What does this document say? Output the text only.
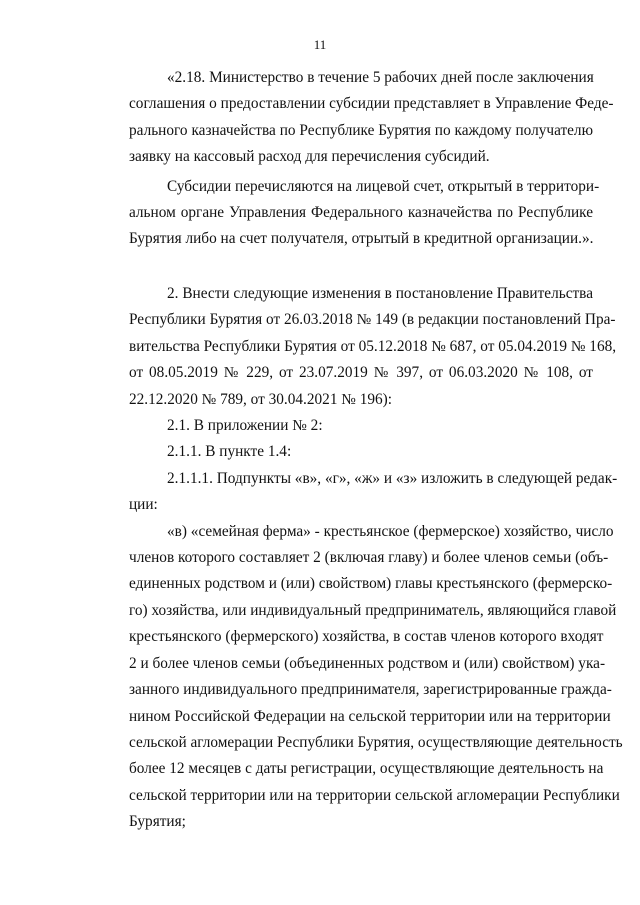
11
«2.18. Министерство в течение 5 рабочих дней после заключения
соглашения о предоставлении субсидии представляет в Управление Феде-
рального казначейства по Республике Бурятия по каждому получателю
заявку на кассовый расход для перечисления субсидий.
Субсидии перечисляются на лицевой счет, открытый в территори-
альном органе Управления Федерального казначейства по Республике
Бурятия либо на счет получателя, отрытый в кредитной организации.».
2. Внести следующие изменения в постановление Правительства
Республики Бурятия от 26.03.2018 № 149 (в редакции постановлений Пра-
вительства Республики Бурятия от 05.12.2018 № 687, от 05.04.2019 № 168,
от 08.05.2019 № 229, от 23.07.2019 № 397, от 06.03.2020 № 108, от
22.12.2020 № 789, от 30.04.2021 № 196):
2.1. В приложении № 2:
2.1.1. В пункте 1.4:
2.1.1.1. Подпункты «в», «г», «ж» и «з» изложить в следующей редак-
ции:
«в) «семейная ферма» - крестьянское (фермерское) хозяйство, число
членов которого составляет 2 (включая главу) и более членов семьи (объ-
единенных родством и (или) свойством) главы крестьянского (фермерско-
го) хозяйства, или индивидуальный предприниматель, являющийся главой
крестьянского (фермерского) хозяйства, в состав членов которого входят
2 и более членов семьи (объединенных родством и (или) свойством) ука-
занного индивидуального предпринимателя, зарегистрированные гражда-
нином Российской Федерации на сельской территории или на территории
сельской агломерации Республики Бурятия, осуществляющие деятельность
более 12 месяцев с даты регистрации, осуществляющие деятельность на
сельской территории или на территории сельской агломерации Республики
Бурятия;
